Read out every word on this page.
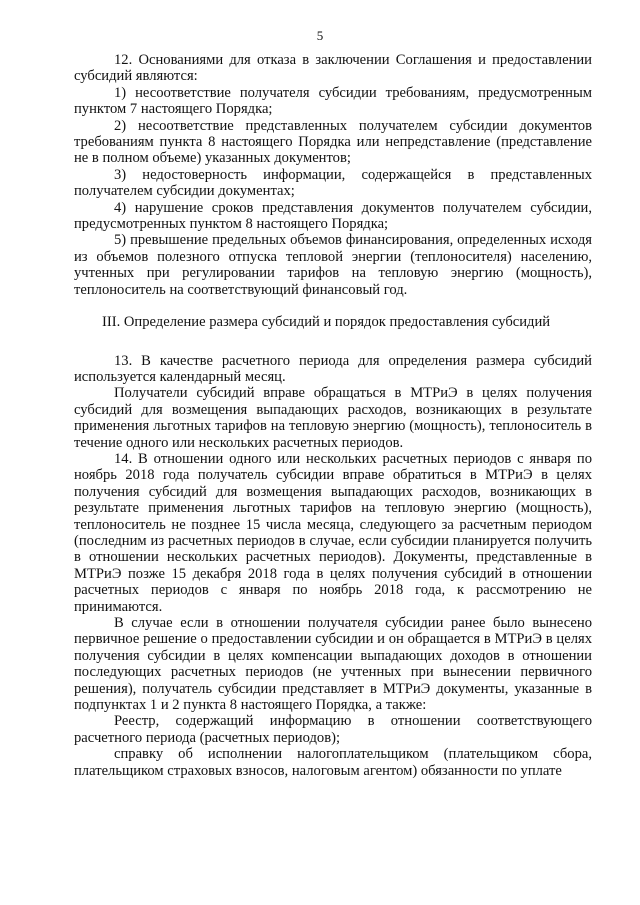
5

12. Основаниями для отказа в заключении Соглашения и предоставлении субсидий являются:

1) несоответствие получателя субсидии требованиям, предусмотренным пунктом 7 настоящего Порядка;

2) несоответствие представленных получателем субсидии документов требованиям пункта 8 настоящего Порядка или непредставление (представление не в полном объеме) указанных документов;

3) недостоверность информации, содержащейся в представленных получателем субсидии документах;

4) нарушение сроков представления документов получателем субсидии, предусмотренных пунктом 8 настоящего Порядка;

5) превышение предельных объемов финансирования, определенных исходя из объемов полезного отпуска тепловой энергии (теплоносителя) населению, учтенных при регулировании тарифов на тепловую энергию (мощность), теплоноситель на соответствующий финансовый год.

III. Определение размера субсидий и порядок предоставления субсидий

13. В качестве расчетного периода для определения размера субсидий используется календарный месяц.

Получатели субсидий вправе обращаться в МТРиЭ в целях получения субсидий для возмещения выпадающих расходов, возникающих в результате применения льготных тарифов на тепловую энергию (мощность), теплоноситель в течение одного или нескольких расчетных периодов.

14. В отношении одного или нескольких расчетных периодов с января по ноябрь 2018 года получатель субсидии вправе обратиться в МТРиЭ в целях получения субсидий для возмещения выпадающих расходов, возникающих в результате применения льготных тарифов на тепловую энергию (мощность), теплоноситель не позднее 15 числа месяца, следующего за расчетным периодом (последним из расчетных периодов в случае, если субсидии планируется получить в отношении нескольких расчетных периодов). Документы, представленные в МТРиЭ позже 15 декабря 2018 года в целях получения субсидий в отношении расчетных периодов с января по ноябрь 2018 года, к рассмотрению не принимаются.

В случае если в отношении получателя субсидии ранее было вынесено первичное решение о предоставлении субсидии и он обращается в МТРиЭ в целях получения субсидии в целях компенсации выпадающих доходов в отношении последующих расчетных периодов (не учтенных при вынесении первичного решения), получатель субсидии представляет в МТРиЭ документы, указанные в подпунктах 1 и 2 пункта 8 настоящего Порядка, а также:

Реестр, содержащий информацию в отношении соответствующего расчетного периода (расчетных периодов);

справку об исполнении налогоплательщиком (плательщиком сбора, плательщиком страховых взносов, налоговым агентом) обязанности по уплате
